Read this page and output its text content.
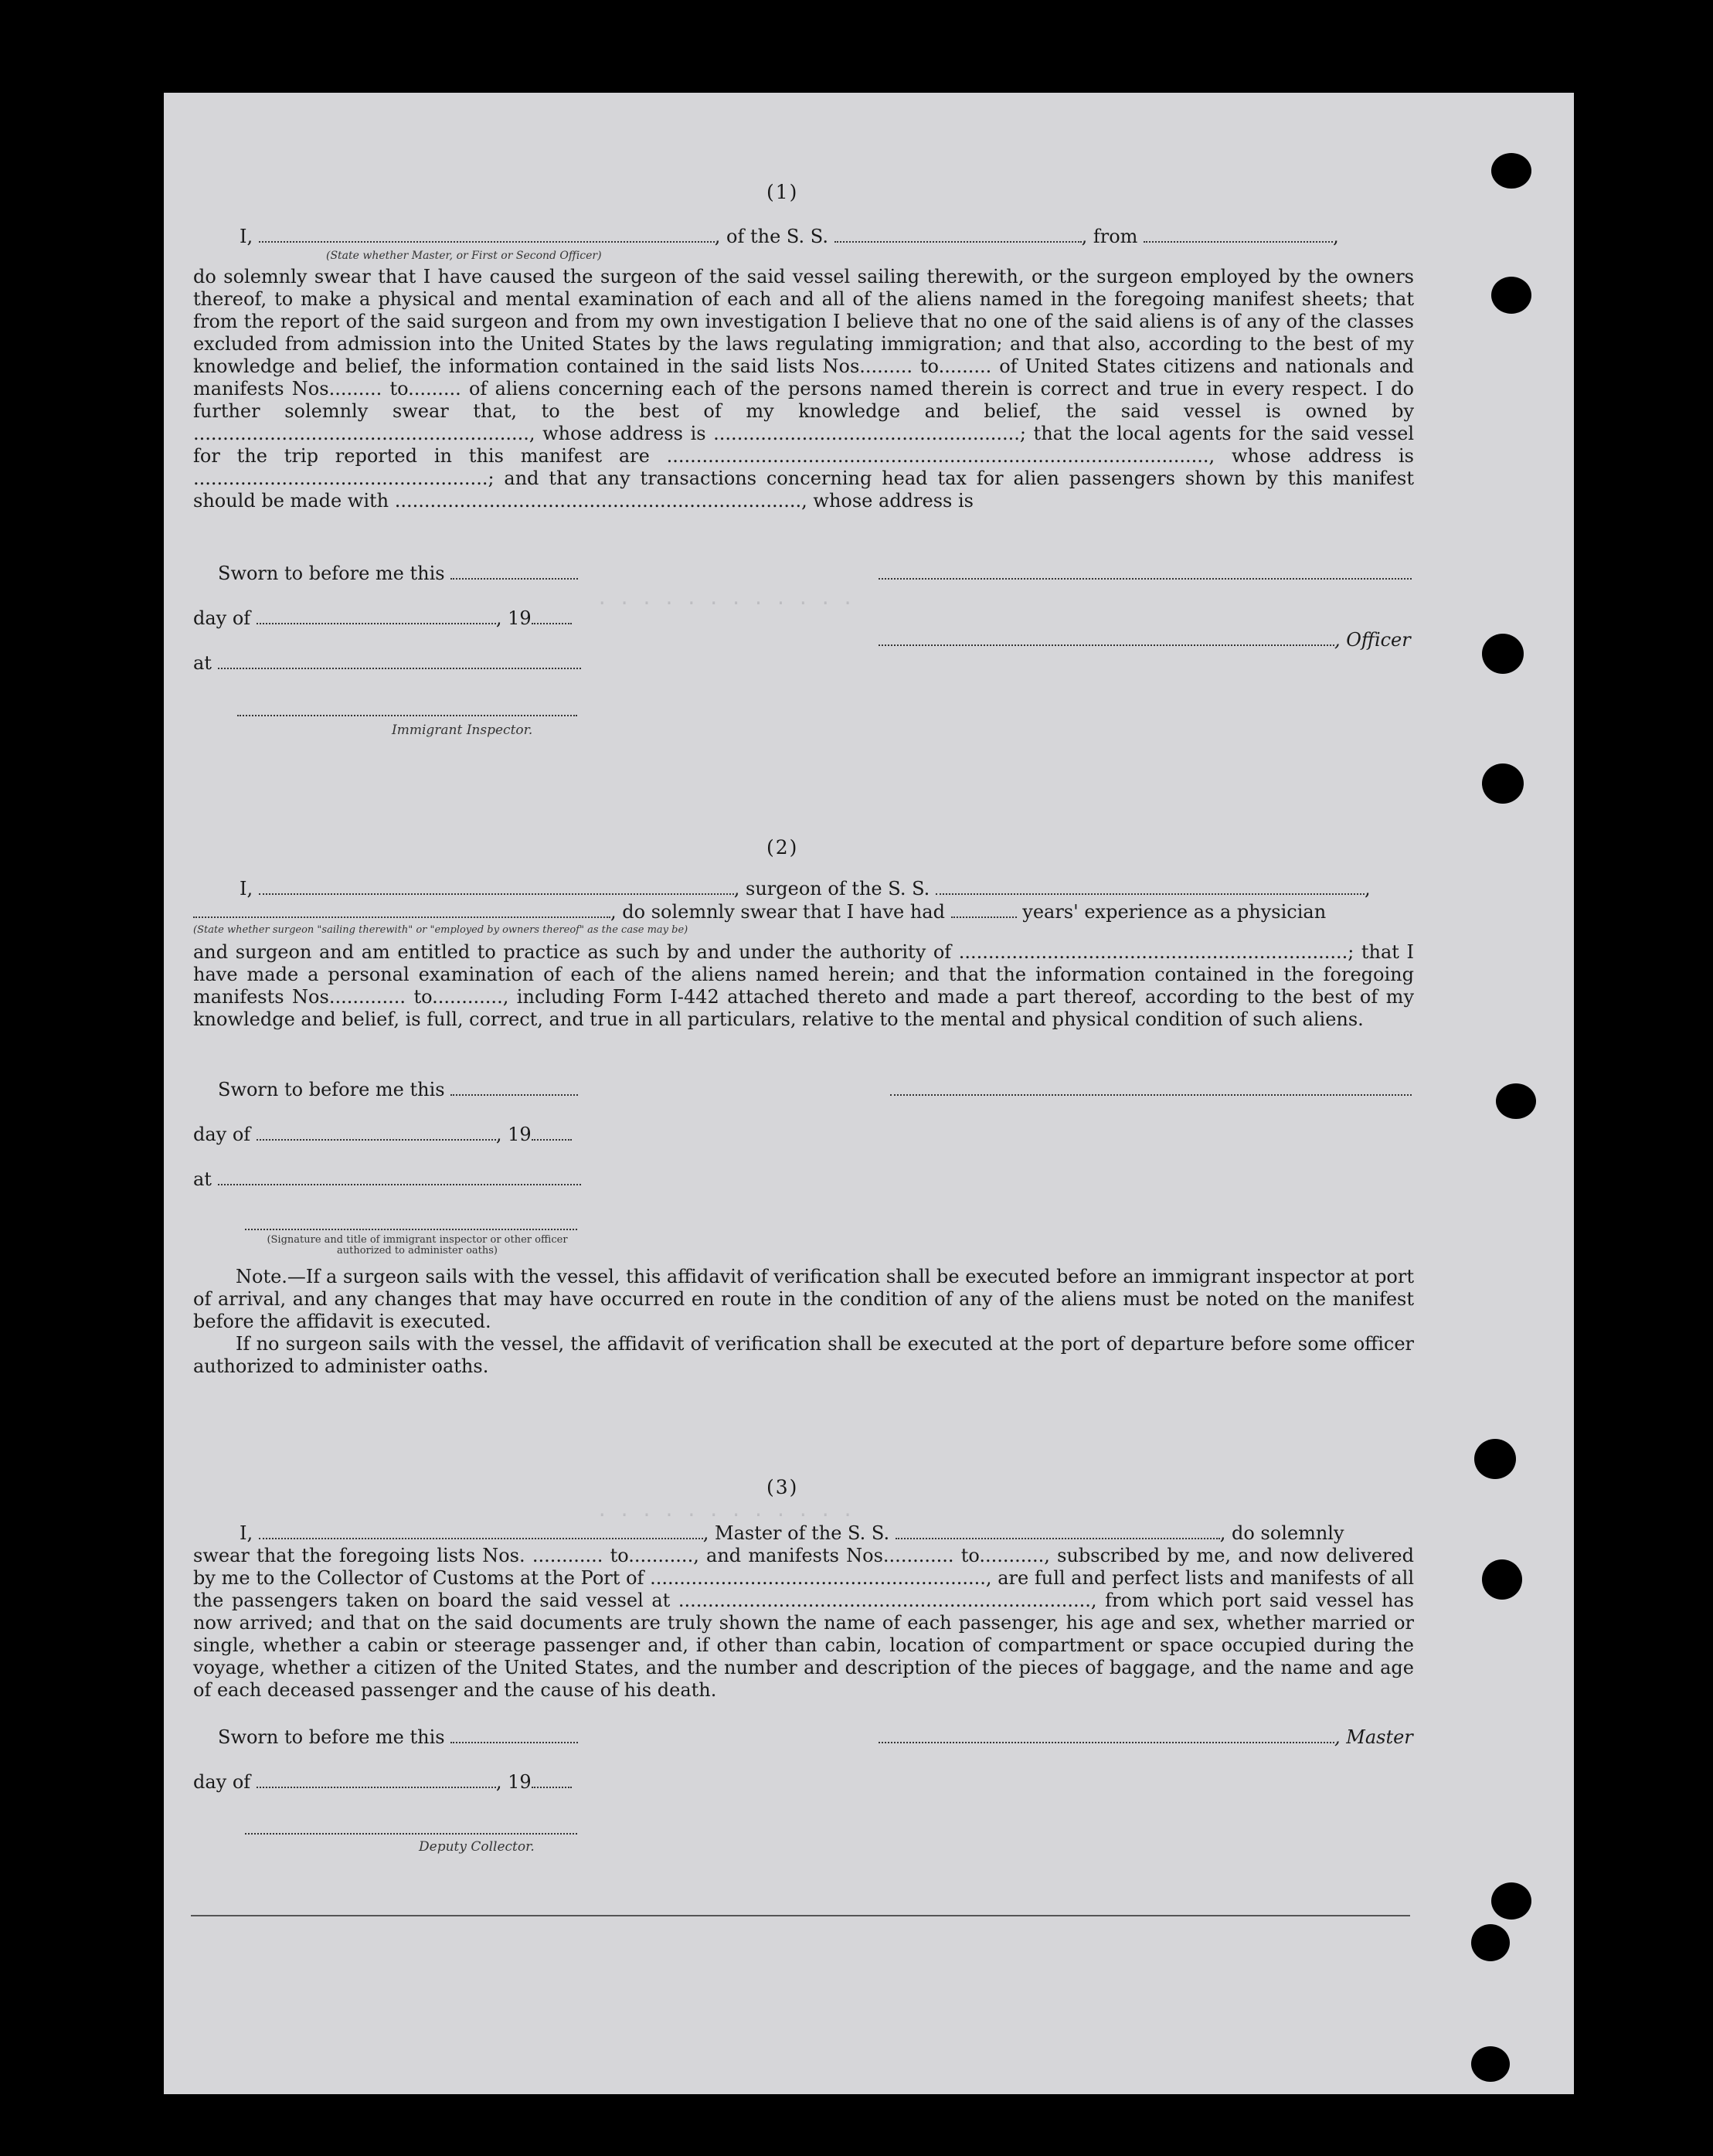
. . . . . . . . . . . .
. . . . . . . . . . . .
(1)
I,	, of the S. S.	, from	,
(State whether Master, or First or Second Officer)
do solemnly swear that I have caused the surgeon of the said vessel sailing therewith, or the surgeon employed by the owners thereof, to make a physical and mental examination of each and all of the aliens named in the foregoing manifest sheets; that from the report of the said surgeon and from my own investigation I believe that no one of the said aliens is of any of the classes excluded from admission into the United States by the laws regulating immigration; and that also, according to the best of my knowledge and belief, the information contained in the said lists Nos......... to......... of United States citizens and nationals and manifests Nos......... to......... of aliens concerning each of the persons named therein is correct and true in every respect. I do further solemnly swear that, to the best of my knowledge and belief, the said vessel is owned by ........................................................., whose address is ....................................................; that the local agents for the said vessel for the trip reported in this manifest are ............................................................................................, whose address is ..................................................; and that any transactions concerning head tax for alien passengers shown by this manifest should be made with ....................................................................., whose address is
Sworn to before me this
day of	, 19
, Officer
at
Immigrant Inspector.
(2)
I,	, surgeon of the S. S.	,
, do solemnly swear that I have had	years' experience as a physician
(State whether surgeon "sailing therewith" or "employed by owners thereof" as the case may be)
and surgeon and am entitled to practice as such by and under the authority of ..................................................................; that I have made a personal examination of each of the aliens named herein; and that the information contained in the foregoing manifests Nos............. to............, including Form I-442 attached thereto and made a part thereof, according to the best of my knowledge and belief, is full, correct, and true in all particulars, relative to the mental and physical condition of such aliens.
Sworn to before me this
day of	, 19
at
(Signature and title of immigrant inspector or other officer authorized to administer oaths)
Note.—If a surgeon sails with the vessel, this affidavit of verification shall be executed before an immigrant inspector at port of arrival, and any changes that may have occurred en route in the condition of any of the aliens must be noted on the manifest before the affidavit is executed.
If no surgeon sails with the vessel, the affidavit of verification shall be executed at the port of departure before some officer authorized to administer oaths.
(3)
I,	, Master of the S. S.	, do solemnly
swear that the foregoing lists Nos. ............ to..........., and manifests Nos............ to..........., subscribed by me, and now delivered by me to the Collector of Customs at the Port of ........................................................., are full and perfect lists and manifests of all the passengers taken on board the said vessel at ......................................................................, from which port said vessel has now arrived; and that on the said documents are truly shown the name of each passenger, his age and sex, whether married or single, whether a cabin or steerage passenger and, if other than cabin, location of compartment or space occupied during the voyage, whether a citizen of the United States, and the number and description of the pieces of baggage, and the name and age of each deceased passenger and the cause of his death.
Sworn to before me this	, Master
day of	, 19
Deputy Collector.
